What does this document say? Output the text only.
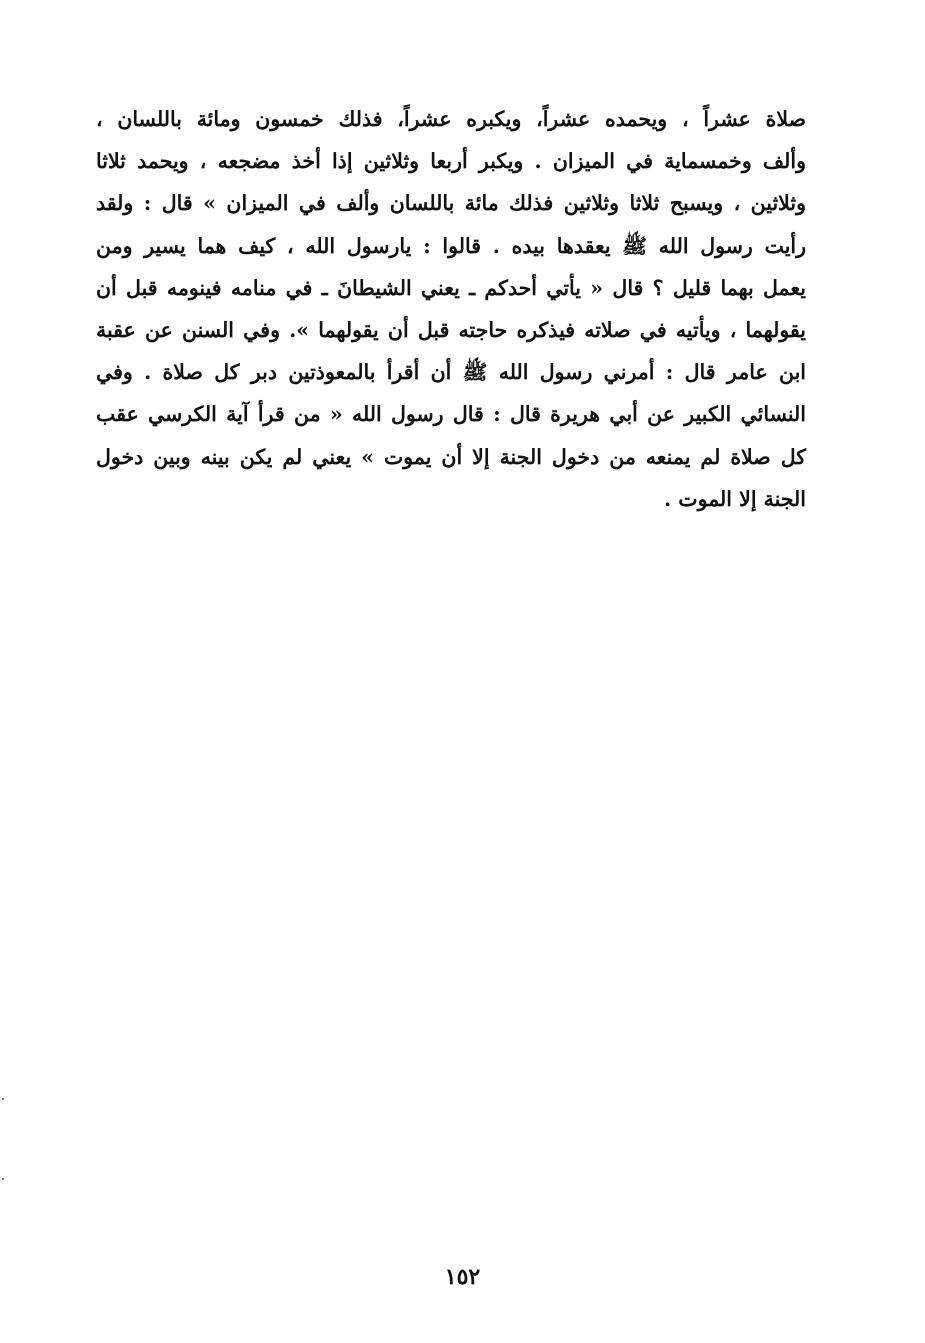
صلاة عشراً ، ويحمده عشراً، ويكبره عشراً، فذلك خمسون ومائة باللسان ،
وألف وخمسماية في الميزان . ويكبر أربعا وثلاثين إذا أخذ مضجعه ، ويحمد ثلاثا
وثلاثين ، ويسبح ثلاثا وثلاثين فذلك مائة باللسان وألف في الميزان » قال : ولقد
رأيت رسول الله ﷺ يعقدها بيده . قالوا : يارسول الله ، كيف هما يسير ومن
يعمل بهما قليل ؟ قال « يأتي أحدكم ـ يعني الشيطانَ ـ في منامه فينومه قبل أن
يقولهما ، ويأتيه في صلاته فيذكره حاجته قبل أن يقولهما ». وفي السنن عن عقبة
ابن عامر قال : أمرني رسول الله ﷺ أن أقرأ بالمعوذتين دبر كل صلاة . وفي
النسائي الكبير عن أبي هريرة قال : قال رسول الله « من قرأ آية الكرسي عقب
كل صلاة لم يمنعه من دخول الجنة إلا أن يموت » يعني لم يكن بينه وبين دخول
الجنة إلا الموت .
١٥٢
